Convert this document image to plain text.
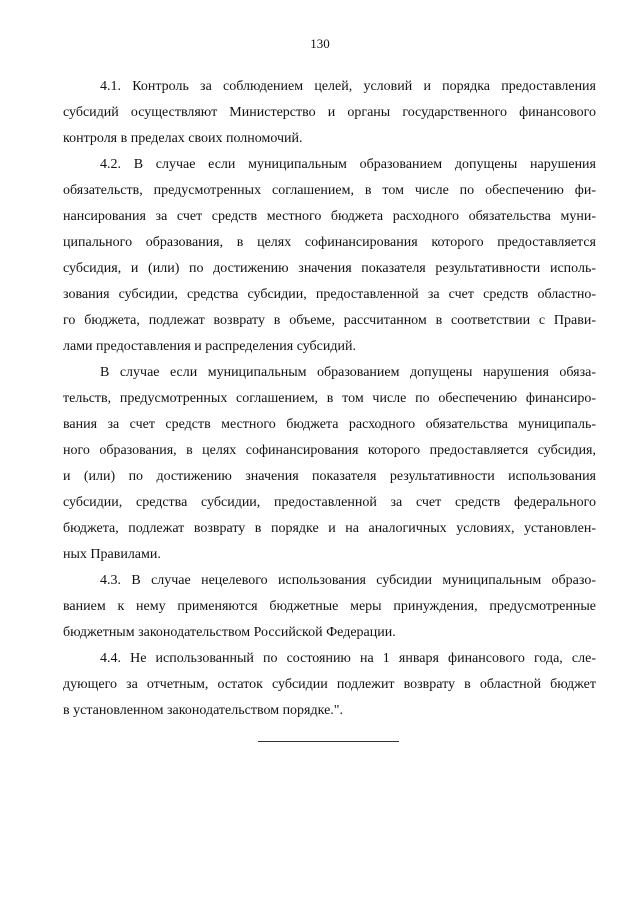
130

4.1. Контроль за соблюдением целей, условий и порядка предоставления
субсидий осуществляют Министерство и органы государственного финансового
контроля в пределах своих полномочий.

4.2. В случае если муниципальным образованием допущены нарушения
обязательств, предусмотренных соглашением, в том числе по обеспечению фи-
нансирования за счет средств местного бюджета расходного обязательства муни-
ципального образования, в целях софинансирования которого предоставляется
субсидия, и (или) по достижению значения показателя результативности исполь-
зования субсидии, средства субсидии, предоставленной за счет средств областно-
го бюджета, подлежат возврату в объеме, рассчитанном в соответствии с Прави-
лами предоставления и распределения субсидий.

В случае если муниципальным образованием допущены нарушения обяза-
тельств, предусмотренных соглашением, в том числе по обеспечению финансиро-
вания за счет средств местного бюджета расходного обязательства муниципаль-
ного образования, в целях софинансирования которого предоставляется субсидия,
и (или) по достижению значения показателя результативности использования
субсидии, средства субсидии, предоставленной за счет средств федерального
бюджета, подлежат возврату в порядке и на аналогичных условиях, установлен-
ных Правилами.

4.3. В случае нецелевого использования субсидии муниципальным образо-
ванием к нему применяются бюджетные меры принуждения, предусмотренные
бюджетным законодательством Российской Федерации.

4.4. Не использованный по состоянию на 1 января финансового года, сле-
дующего за отчетным, остаток субсидии подлежит возврату в областной бюджет
в установленном законодательством порядке.".
